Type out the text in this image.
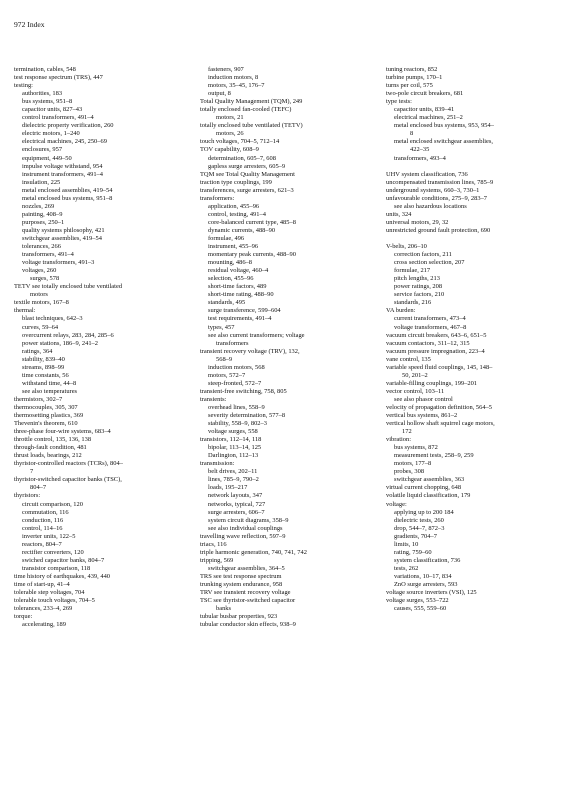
972 Index
termination, cables, 548
test response spectrum (TRS), 447
testing:
authorities, 183
bus systems, 951–8
capacitor units, 827–43
control transformers, 491–4
dielectric property verification, 260
electric motors, 1–240
electrical machines, 245, 250–69
enclosures, 957
equipment, 449–50
impulse voltage withstand, 954
instrument transformers, 491–4
insulation, 225
metal enclosed assemblies, 419–54
metal enclosed bus systems, 951–8
nozzles, 269
painting, 408–9
purposes, 250–1
quality systems philosophy, 421
switchgear assemblies, 419–54
tolerances, 266
transformers, 491–4
voltage transformers, 491–3
voltages, 260
surges, 578
TETV see totally enclosed tube ventilated
motors
textile motors, 167–8
thermal:
blast techniques, 642–3
curves, 59–64
overcurrent relays, 283, 284, 285–6
power stations, 186–9, 241–2
ratings, 364
stability, 839–40
streams, 898–99
time constants, 56
withstand time, 44–8
see also temperatures
thermistors, 302–7
thermocouples, 305, 307
thermosetting plastics, 369
Thevenin's theorem, 610
three-phase four-wire systems, 683–4
throttle control, 135, 136, 138
through-fault condition, 481
thrust loads, bearings, 212
thyristor-controlled reactors (TCRs), 804–
7
thyristor-switched capacitor banks (TSC),
804–7
thyristors:
circuit comparison, 120
commutation, 116
conduction, 116
control, 114–16
inverter units, 122–5
reactors, 804–7
rectifier converters, 120
swiched capacitor banks, 804–7
transistor comparison, 118
time history of earthquakes, 439, 440
time of start-up, 41–4
tolerable step voltages, 704
tolerable touch voltages, 704–5
tolerances, 233–4, 269
torque:
accelerating, 189
fasteners, 907
induction motors, 8
motors, 35–45, 176–7
output, 8
Total Quality Management (TQM), 249
totally enclosed fan-cooled (TEFC)
motors, 21
totally enclosed tube ventilated (TETV)
motors, 26
touch voltages, 704–5, 712–14
TOV capability, 608–9
determination, 605–7, 608
gapless surge arresters, 605–9
TQM see Total Quality Management
traction type couplings, 199
transferences, surge arresters, 621–3
transformers:
application, 455–96
control, testing, 491–4
core-balanced current type, 485–8
dynamic currents, 488–90
formulae, 496
instrument, 455–96
momentary peak currents, 488–90
mounting, 486–8
residual voltage, 460–4
selection, 455–96
short-time factors, 489
short-time rating, 488–90
standards, 495
surge transference, 599–604
test requirements, 491–4
types, 457
see also current transformers; voltage
transformers
transient recovery voltage (TRV), 132,
568–9
induction motors, 568
motors, 572–7
steep-fronted, 572–7
transient-free switching, 758, 805
transients:
overhead lines, 558–9
severity determination, 577–8
stability, 558–9, 802–3
voltage surges, 558
transistors, 112–14, 118
bipolar, 113–14, 125
Darlington, 112–13
transmission:
belt drives, 202–11
lines, 785–9, 790–2
loads, 195–217
network layouts, 347
networks, typical, 727
surge arresters, 606–7
system circuit diagrams, 358–9
see also individual couplings
travelling wave reflection, 597–9
triacs, 116
triple harmonic generation, 740, 741, 742
tripping, 569
switchgear assemblies, 364–5
TRS see test response spectrum
trunking system endurance, 958
TRV see transient recovery voltage
TSC see thyristor-switched capacitor
banks
tubular busbar properties, 923
tubular conductor skin effects, 938–9
tuning reactors, 852
turbine pumps, 170–1
turns per coil, 575
two-pole circuit breakers, 681
type tests:
capacitor units, 839–41
electrical machines, 251–2
metal enclosed bus systems, 953, 954–
8
metal enclosed switchgear assemblies,
422–35
transformers, 493–4
UHV system classification, 736
uncompensated transmission lines, 785–9
underground systems, 660–3, 730–1
unfavourable conditions, 275–9, 283–7
see also hazardous locations
units, 324
universal motors, 29, 32
unrestricted ground fault protection, 690
V-belts, 206–10
correction factors, 211
cross section selection, 207
formulae, 217
pitch lengths, 213
power ratings, 208
service factors, 210
standards, 216
VA burden:
current transformers, 473–4
voltage transformers, 467–8
vacuum circuit breakers, 643–6, 651–5
vacuum contactors, 311–12, 315
vacuum pressure impregnation, 223–4
vane control, 135
variable speed fluid couplings, 145, 148–
50, 201–2
variable-filling couplings, 199–201
vector control, 103–11
see also phasor control
velocity of propagation definition, 564–5
vertical bus systems, 861–2
vertical hollow shaft squirrel cage motors,
172
vibration:
bus systems, 872
measurement tests, 258–9, 259
motors, 177–8
probes, 308
switchgear assemblies, 363
virtual current chopping, 648
volatile liquid classification, 179
voltage:
applying up to 200 184
dielectric tests, 260
drop, 544–7, 872–3
gradients, 704–7
limits, 10
rating, 759–60
system classification, 736
tests, 262
variations, 10–17, 834
ZnO surge arresters, 593
voltage source inverters (VSI), 125
voltage surges, 553–722
causes, 555, 559–60
